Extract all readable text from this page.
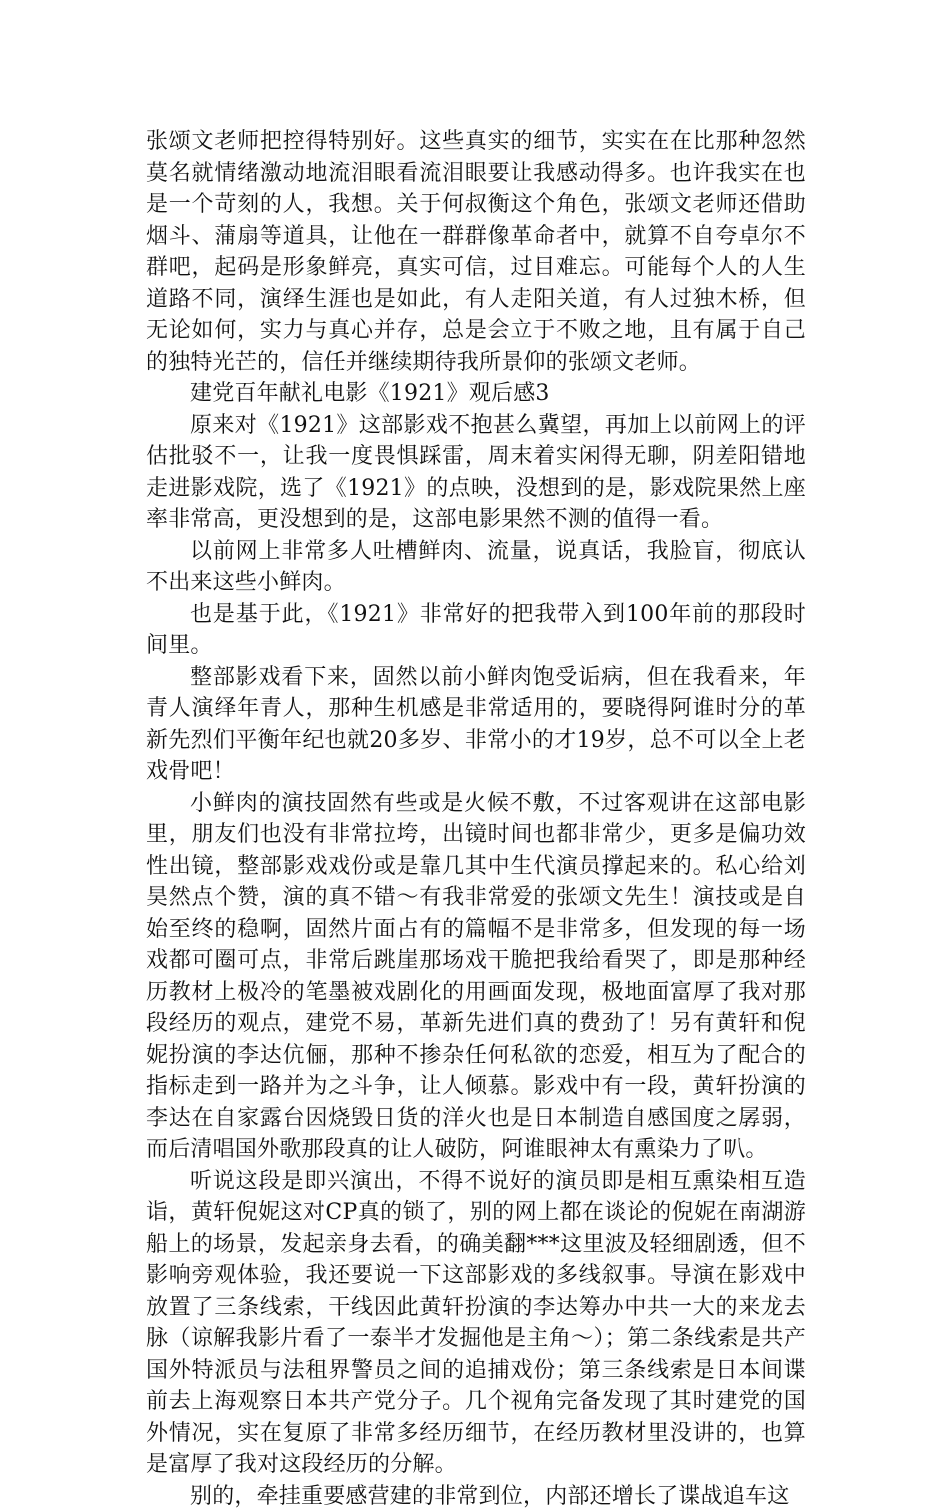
张颂文老师把控得特别好。这些真实的细节，实实在在比那种忽然莫名就情绪激动地流泪眼看流泪眼要让我感动得多。也许我实在也是一个苛刻的人，我想。关于何叔衡这个角色，张颂文老师还借助烟斗、蒲扇等道具，让他在一群群像革命者中，就算不自夸卓尔不群吧，起码是形象鲜亮，真实可信，过目难忘。可能每个人的人生道路不同，演绎生涯也是如此，有人走阳关道，有人过独木桥，但无论如何，实力与真心并存，总是会立于不败之地，且有属于自己的独特光芒的，信任并继续期待我所景仰的张颂文老师。

建党百年献礼电影《1921》观后感3

原来对《1921》这部影戏不抱甚么冀望，再加上以前网上的评估批驳不一，让我一度畏惧踩雷，周末着实闲得无聊，阴差阳错地走进影戏院，选了《1921》的点映，没想到的是，影戏院果然上座率非常高，更没想到的是，这部电影果然不测的值得一看。

以前网上非常多人吐槽鲜肉、流量，说真话，我脸盲，彻底认不出来这些小鲜肉。

也是基于此，《1921》非常好的把我带入到100年前的那段时间里。

整部影戏看下来，固然以前小鲜肉饱受诟病，但在我看来，年青人演绎年青人，那种生机感是非常适用的，要晓得阿谁时分的革新先烈们平衡年纪也就20多岁、非常小的才19岁，总不可以全上老戏骨吧！

小鲜肉的演技固然有些或是火候不敷，不过客观讲在这部电影里，朋友们也没有非常拉垮，出镜时间也都非常少，更多是偏功效性出镜，整部影戏戏份或是靠几其中生代演员撑起来的。私心给刘昊然点个赞，演的真不错～有我非常爱的张颂文先生！演技或是自始至终的稳啊，固然片面占有的篇幅不是非常多，但发现的每一场戏都可圈可点，非常后跳崖那场戏干脆把我给看哭了，即是那种经历教材上极冷的笔墨被戏剧化的用画面发现，极地面富厚了我对那段经历的观点，建党不易，革新先进们真的费劲了！另有黄轩和倪妮扮演的李达伉俪，那种不掺杂任何私欲的恋爱，相互为了配合的指标走到一路并为之斗争，让人倾慕。影戏中有一段，黄轩扮演的李达在自家露台因烧毁日货的洋火也是日本制造自感国度之孱弱，而后清唱国外歌那段真的让人破防，阿谁眼神太有熏染力了叭。

听说这段是即兴演出，不得不说好的演员即是相互熏染相互造诣，黄轩倪妮这对CP真的锁了，别的网上都在谈论的倪妮在南湖游船上的场景，发起亲身去看，的确美翻***这里波及轻细剧透，但不影响旁观体验，我还要说一下这部影戏的多线叙事。导演在影戏中放置了三条线索，干线因此黄轩扮演的李达筹办中共一大的来龙去脉（谅解我影片看了一泰半才发掘他是主角～）；第二条线索是共产国外特派员与法租界警员之间的追捕戏份；第三条线索是日本间谍前去上海观察日本共产党分子。几个视角完备发现了其时建党的国外情况，实在复原了非常多经历细节，在经历教材里没讲的，也算是富厚了我对这段经历的分解。

别的，牵挂重要感营建的非常到位，内部还增长了谍战追车这
